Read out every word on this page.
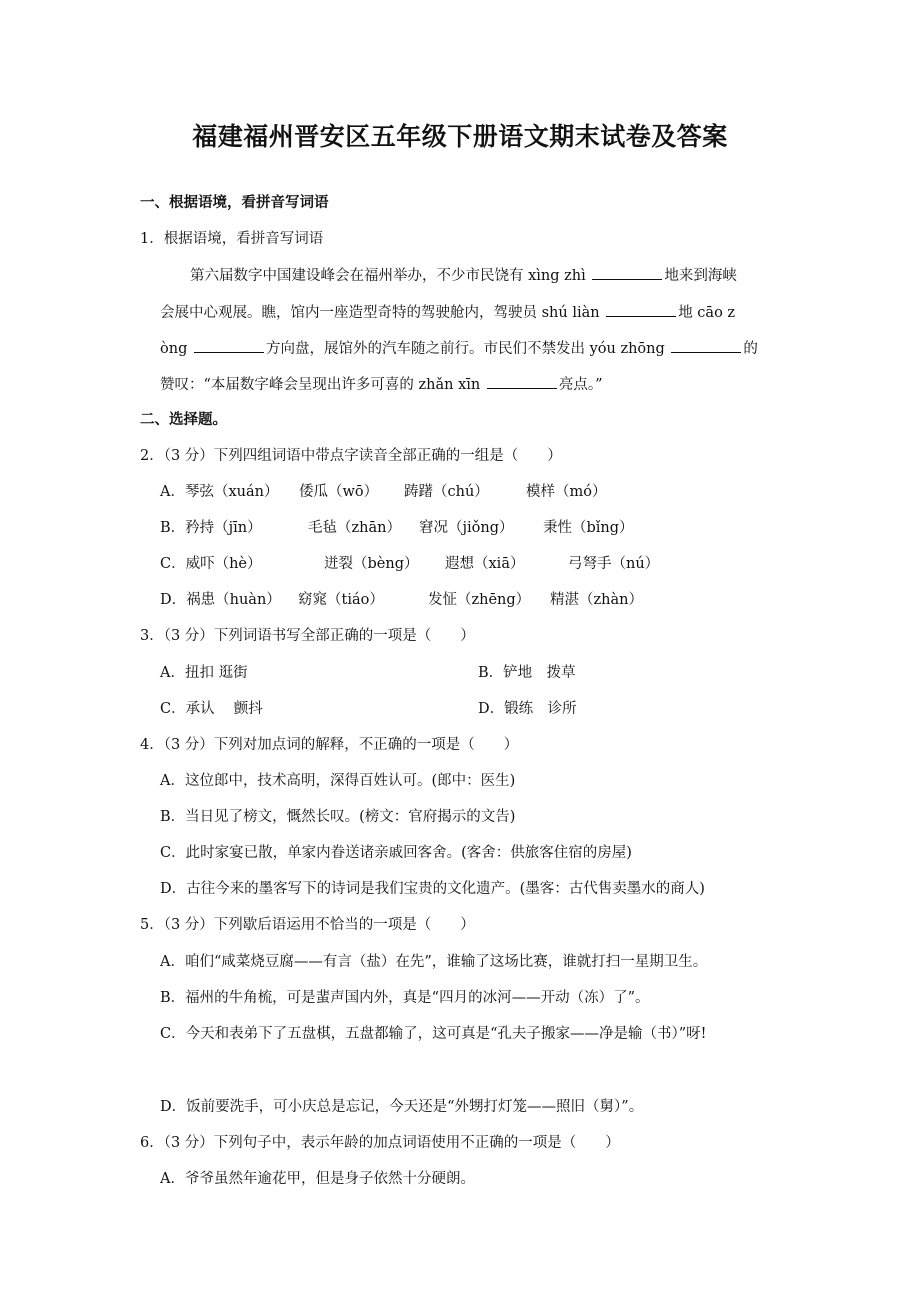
福建福州晋安区五年级下册语文期末试卷及答案
一、根据语境，看拼音写词语
1．根据语境，看拼音写词语
第六届数字中国建设峰会在福州举办，不少市民饶有 xìng zhì	地来到海峡
会展中心观展。瞧，馆内一座造型奇特的驾驶舱内，驾驶员 shú liàn	地 cāo z
òng	方向盘，展馆外的汽车随之前行。市民们不禁发出 yóu zhōng	的
赞叹：“本届数字峰会呈现出许多可喜的 zhǎn xīn	亮点。”
二、选择题。
2．（3 分）下列四组词语中带点字读音全部正确的一组是（　　）
A．琴弦（xuán） 倭瓜（wō） 踌躇（chú）	模样（mó）
B．矜持（jīn）	毛毡（zhān） 窘况（jiǒng） 秉性（bǐng）
C．威吓（hè）	迸裂（bèng） 遐想（xiā）	弓弩手（nú）
D．祸患（huàn） 窈窕（tiáo）	发怔（zhēng） 精湛（zhàn）
3．（3 分）下列词语书写全部正确的一项是（　　）
A．扭扣 逛街	B．铲地　拨草
C．承认　 颤抖	D．锻练　诊所
4．（3 分）下列对加点词的解释，不正确的一项是（　　）
A．这位郎中，技术高明，深得百姓认可。(郎中：医生)
B．当日见了榜文，慨然长叹。(榜文：官府揭示的文告)
C．此时家宴已散，单家内眷送诸亲戚回客舍。(客舍：供旅客住宿的房屋)
D．古往今来的墨客写下的诗词是我们宝贵的文化遗产。(墨客：古代售卖墨水的商人)
5．（3 分）下列歇后语运用不恰当的一项是（　　）
A．咱们“咸菜烧豆腐——有言（盐）在先”，谁输了这场比赛，谁就打扫一星期卫生。
B．福州的牛角梳，可是蜚声国内外，真是“四月的冰河——开动（冻）了”。
C．今天和表弟下了五盘棋，五盘都输了，这可真是“孔夫子搬家——净是输（书）”呀!
D．饭前要洗手，可小庆总是忘记，今天还是“外甥打灯笼——照旧（舅）”。
6．（3 分）下列句子中，表示年龄的加点词语使用不正确的一项是（　　）
A．爷爷虽然年逾花甲，但是身子依然十分硬朗。
